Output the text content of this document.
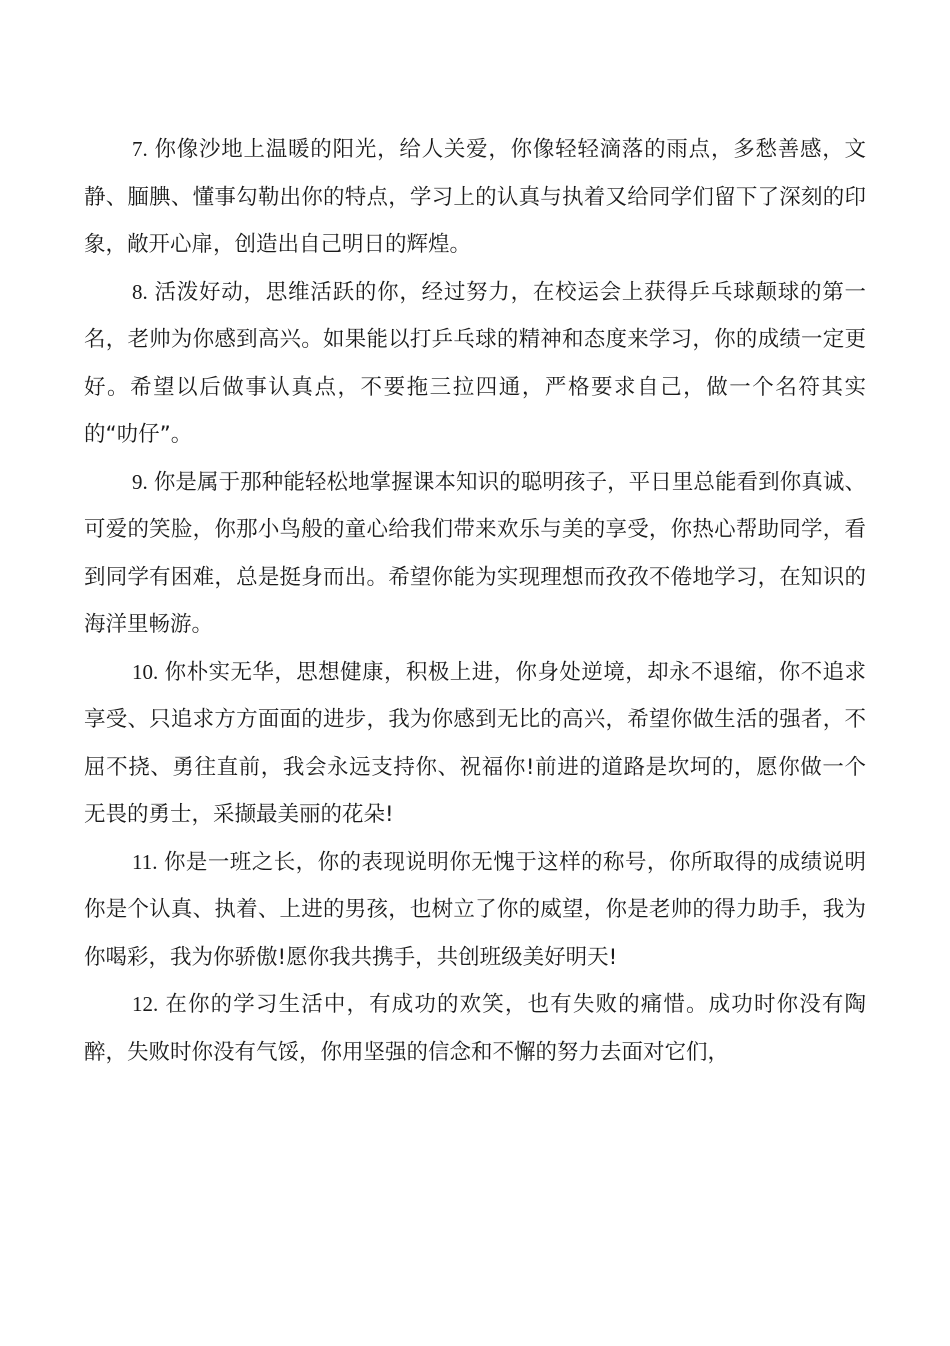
7. 你像沙地上温暖的阳光，给人关爱，你像轻轻滴落的雨点，多愁善感，文静、腼腆、懂事勾勒出你的特点，学习上的认真与执着又给同学们留下了深刻的印象，敞开心扉，创造出自己明日的辉煌。

8. 活泼好动，思维活跃的你，经过努力，在校运会上获得乒乓球颠球的第一名，老帅为你感到高兴。如果能以打乒乓球的精神和态度来学习，你的成绩一定更好。希望以后做事认真点，不要拖三拉四通，严格要求自己，做一个名符其实的“叻仔”。

9. 你是属于那种能轻松地掌握课本知识的聪明孩子，平日里总能看到你真诚、可爱的笑脸，你那小鸟般的童心给我们带来欢乐与美的享受，你热心帮助同学，看到同学有困难，总是挺身而出。希望你能为实现理想而孜孜不倦地学习，在知识的海洋里畅游。

10. 你朴实无华，思想健康，积极上进，你身处逆境，却永不退缩，你不追求享受、只追求方方面面的进步，我为你感到无比的高兴，希望你做生活的强者，不屈不挠、勇往直前，我会永远支持你、祝福你!前进的道路是坎坷的，愿你做一个无畏的勇士，采撷最美丽的花朵!

11. 你是一班之长，你的表现说明你无愧于这样的称号，你所取得的成绩说明你是个认真、执着、上进的男孩，也树立了你的威望，你是老帅的得力助手，我为你喝彩，我为你骄傲!愿你我共携手，共创班级美好明天!

12. 在你的学习生活中，有成功的欢笑，也有失败的痛惜。成功时你没有陶醉，失败时你没有气馁，你用坚强的信念和不懈的努力去面对它们，
